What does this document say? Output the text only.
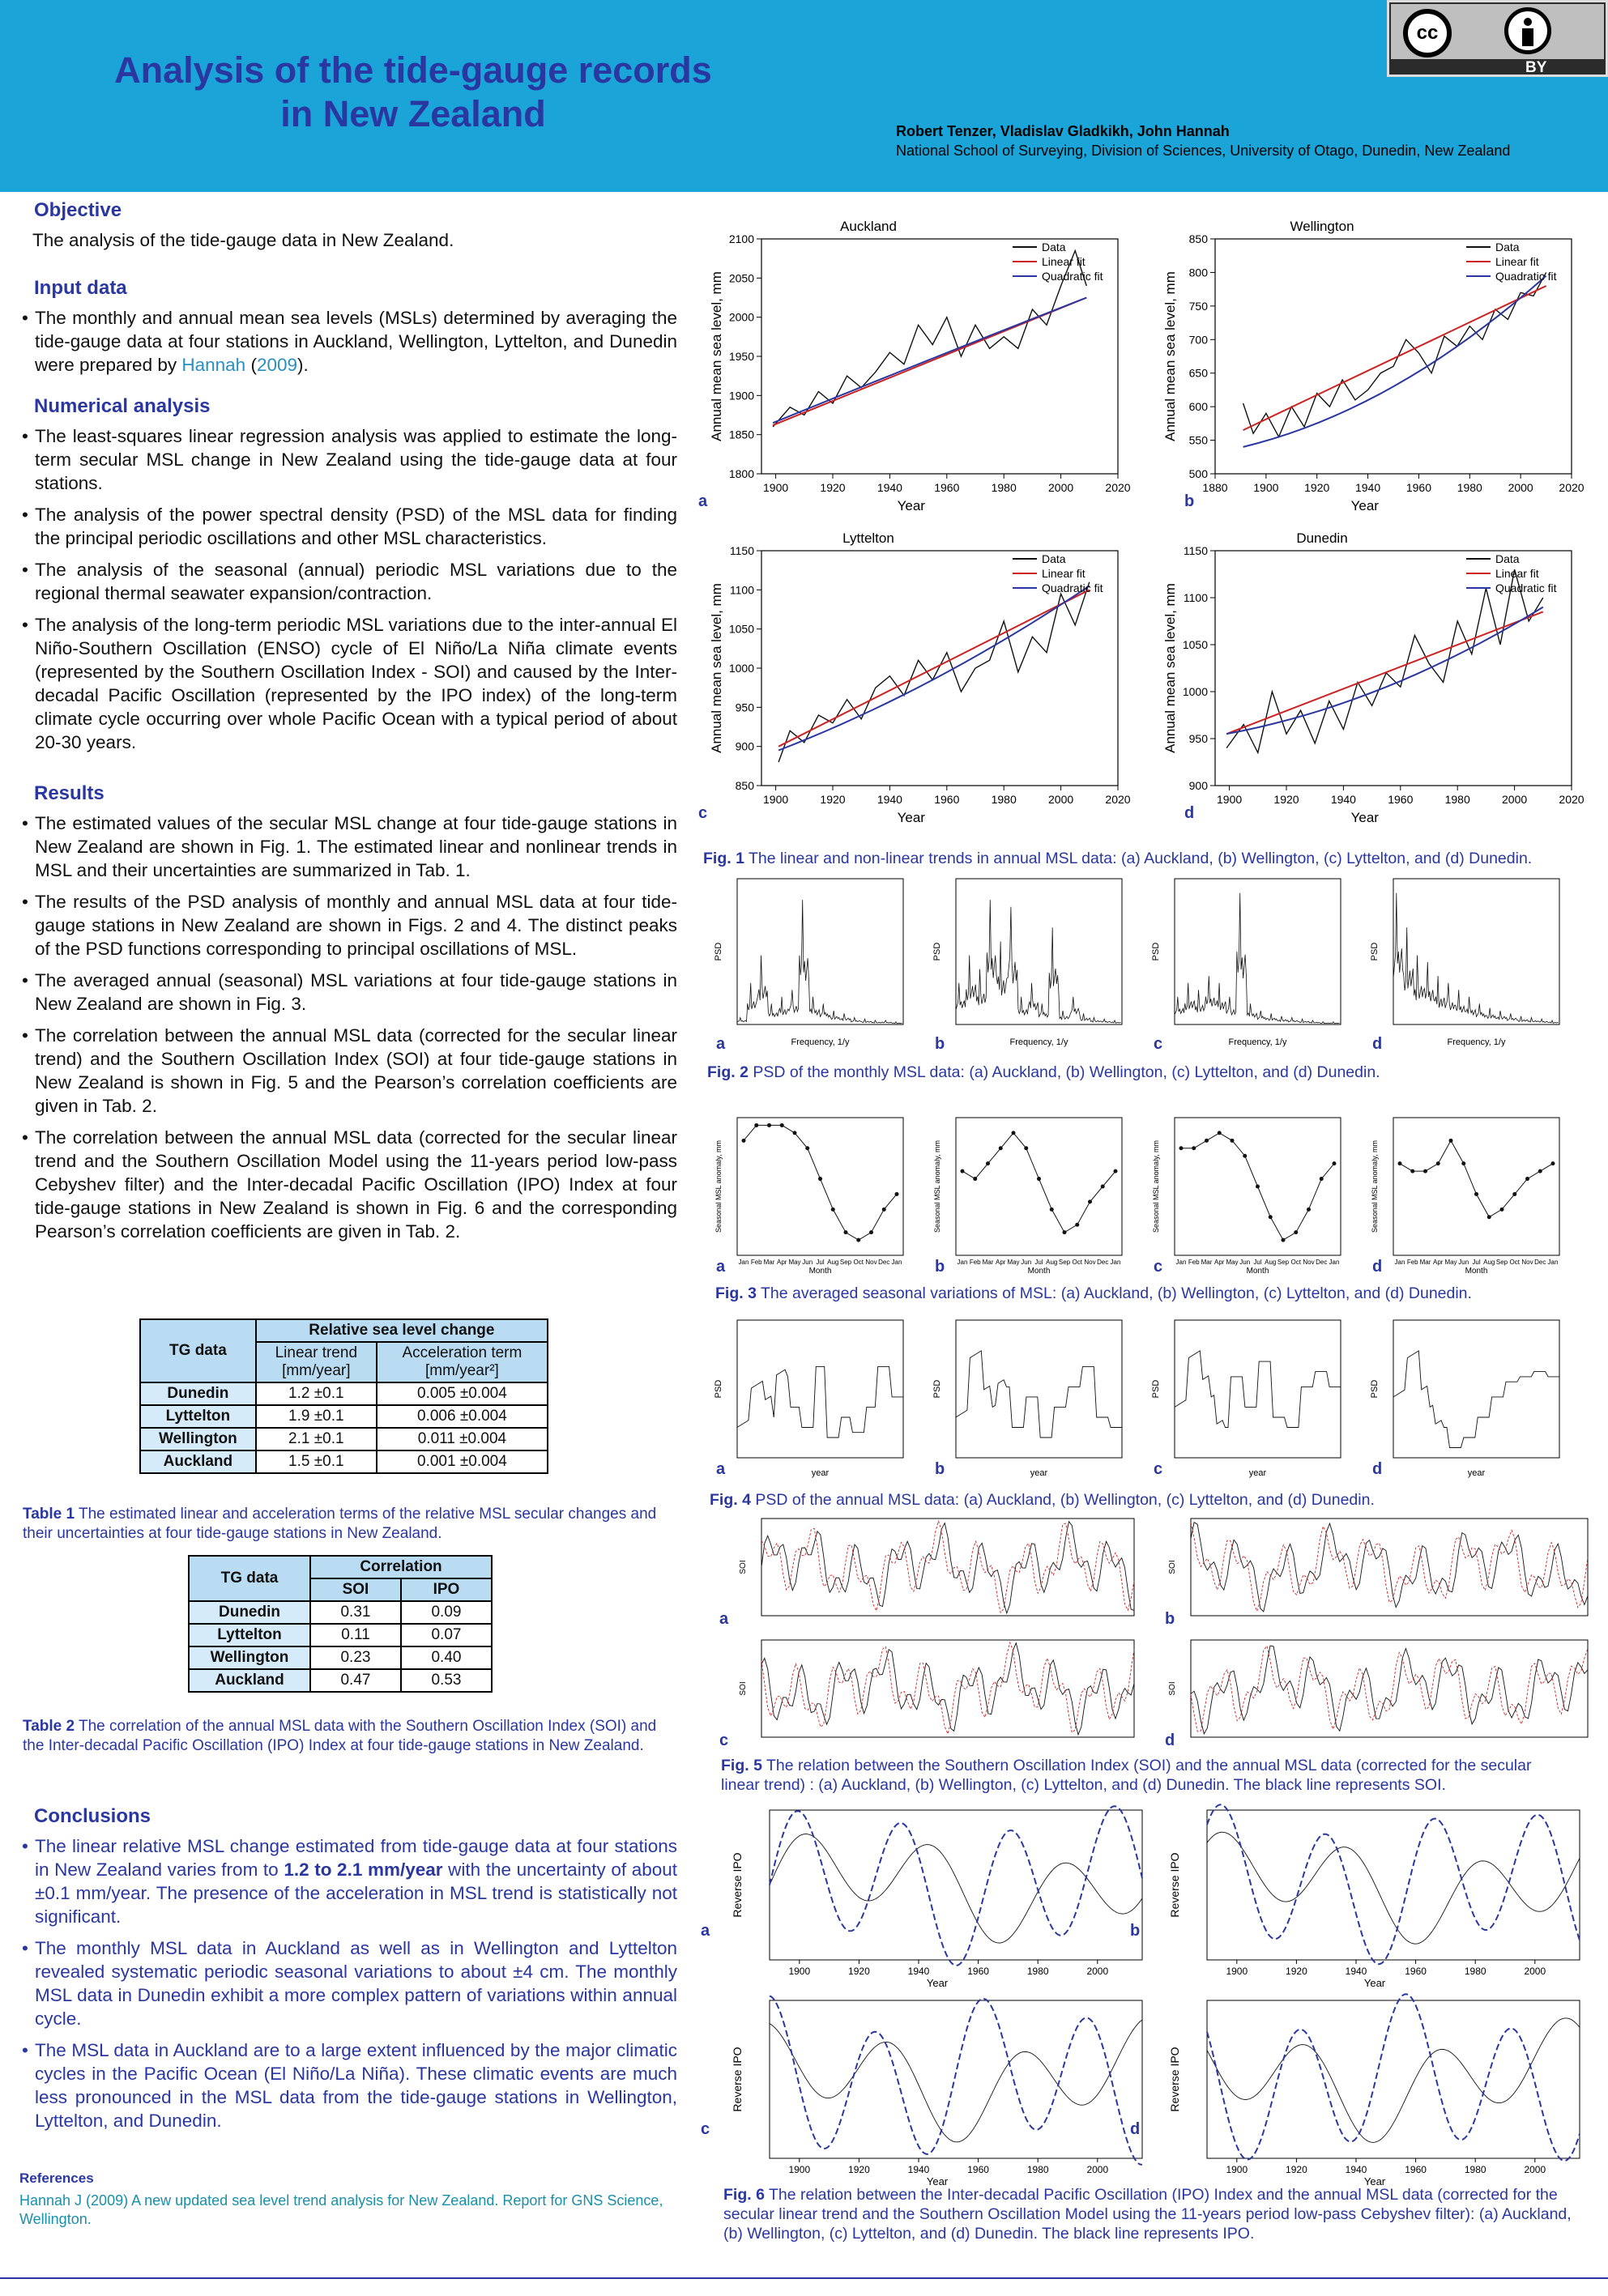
Analysis of the tide-gauge records
in New Zealand	Robert Tenzer, Vladislav Gladkikh, John Hannah
National School of Surveying, Division of Sciences, University of Otago, Dunedin, New Zealand
cc
BY
Objective
The analysis of the tide-gauge data in New Zealand.
Input data
• The monthly and annual mean sea levels (MSLs) determined by averaging the tide-gauge data at four stations in Auckland, Wellington, Lyttelton, and Dunedin were prepared by Hannah (2009).
Numerical analysis
• The least-squares linear regression analysis was applied to estimate the long-term secular MSL change in New Zealand using the tide-gauge data at four stations.
• The analysis of the power spectral density (PSD) of the MSL data for finding the principal periodic oscillations and other MSL characteristics.
• The analysis of the seasonal (annual) periodic MSL variations due to the regional thermal seawater expansion/contraction.
• The analysis of the long-term periodic MSL variations due to the inter-annual El Niño-Southern Oscillation (ENSO) cycle of El Niño/La Niña climate events (represented by the Southern Oscillation Index - SOI) and caused by the Inter-decadal Pacific Oscillation (represented by the IPO index) of the long-term climate cycle occurring over whole Pacific Ocean with a typical period of about 20-30 years.
Results
• The estimated values of the secular MSL change at four tide-gauge stations in New Zealand are shown in Fig. 1. The estimated linear and nonlinear trends in MSL and their uncertainties are summarized in Tab. 1.
• The results of the PSD analysis of monthly and annual MSL data at four tide-gauge stations in New Zealand are shown in Figs. 2 and 4. The distinct peaks of the PSD functions corresponding to principal oscillations of MSL.
• The averaged annual (seasonal) MSL variations at four tide-gauge stations in New Zealand are shown in Fig. 3.
• The correlation between the annual MSL data (corrected for the secular linear trend) and the Southern Oscillation Index (SOI) at four tide-gauge stations in New Zealand is shown in Fig. 5 and the Pearson’s correlation coefficients are given in Tab. 2.
• The correlation between the annual MSL data (corrected for the secular linear trend and the Southern Oscillation Model using the 11-years period low-pass Cebyshev filter) and the Inter-decadal Pacific Oscillation (IPO) Index at four tide-gauge stations in New Zealand is shown in Fig. 6 and the corresponding Pearson’s correlation coefficients are given in Tab. 2.
TG data	Relative sea level change	
	Linear trend
[mm/year]	Acceleration term
[mm/year²]
Dunedin	1.2 ±0.1	0.005 ±0.004
Lyttelton	1.9 ±0.1	0.006 ±0.004
Wellington	2.1 ±0.1	0.011 ±0.004
Auckland	1.5 ±0.1	0.001 ±0.004
Table 1 The estimated linear and acceleration terms of the relative MSL secular changes and their uncertainties at four tide-gauge stations in New Zealand.
TG data	Correlation	
	SOI	IPO
Dunedin	0.31	0.09
Lyttelton	0.11	0.07
Wellington	0.23	0.40
Auckland	0.47	0.53
Table 2 The correlation of the annual MSL data with the Southern Oscillation Index (SOI) and the Inter-decadal Pacific Oscillation (IPO) Index at four tide-gauge stations in New Zealand.
Conclusions
• The linear relative MSL change estimated from tide-gauge data at four stations in New Zealand varies from to 1.2 to 2.1 mm/year with the uncertainty of about ±0.1 mm/year. The presence of the acceleration in MSL trend is statistically not significant.
• The monthly MSL data in Auckland as well as in Wellington and Lyttelton revealed systematic periodic seasonal variations to about ±4 cm. The monthly MSL data in Dunedin exhibit a more complex pattern of variations within annual cycle.
• The MSL data in Auckland are to a large extent influenced by the major climatic cycles in the Pacific Ocean (El Niño/La Niña). These climatic events are much less pronounced in the MSL data from the tide-gauge stations in Wellington, Lyttelton, and Dunedin.
References
Hannah J (2009) A new updated sea level trend analysis for New Zealand. Report for GNS Science, Wellington.
Auckland
1900	1920	1940	1960	1980	2000	2020
1800
1850
1900
1950
2000
2050
2100
Year
Annual mean sea level, mm
Data
Linear fit
Quadratic fit
a
Wellington
1880 1900 1920 1940 1960 1980 2000 2020
500
550
600
650
700
750
800
850
Year
Annual mean sea level, mm
Data
Linear fit
Quadratic fit
b
Lyttelton
1900	1920	1940	1960	1980	2000	2020
850
900
950
1000
1050
1100
1150
Year
Annual mean sea level, mm
Data
Linear fit
Quadratic fit
c
Dunedin
1900	1920	1940	1960	1980	2000	2020
900
950
1000
1050
1100
1150
Year
Annual mean sea level, mm
Data
Linear fit
Quadratic fit
d
Fig. 1 The linear and non-linear trends in annual MSL data: (a) Auckland, (b) Wellington, (c) Lyttelton, and (d) Dunedin.
Frequency, 1/y
PSD
a	Frequency, 1/y
PSD
b	Frequency, 1/y
PSD
c	Frequency, 1/y
PSD
d
Fig. 2 PSD of the monthly MSL data: (a) Auckland, (b) Wellington, (c) Lyttelton, and (d) Dunedin.
Jan Feb Mar Apr May Jun Jul Aug Sep Oct Nov Dec Jan
Month
Seasonal MSL anomaly, mm
a	Jan Feb Mar Apr May Jun Jul Aug Sep Oct Nov Dec Jan
Month
Seasonal MSL anomaly, mm
b	Jan Feb Mar Apr May Jun Jul Aug Sep Oct Nov Dec Jan
Month
Seasonal MSL anomaly, mm
c	Jan Feb Mar Apr May Jun Jul Aug Sep Oct Nov Dec Jan
Month
Seasonal MSL anomaly, mm
d
Fig. 3 The averaged seasonal variations of MSL: (a) Auckland, (b) Wellington, (c) Lyttelton, and (d) Dunedin.
year
PSD
a	year
PSD
b	year
PSD
c	year
PSD
d
Fig. 4 PSD of the annual MSL data: (a) Auckland, (b) Wellington, (c) Lyttelton, and (d) Dunedin.
SOI
a
SOI
b
SOI
c
SOI
d
Fig. 5 The relation between the Southern Oscillation Index (SOI) and the annual MSL data (corrected for the secular linear trend) : (a) Auckland, (b) Wellington, (c) Lyttelton, and (d) Dunedin. The black line represents SOI.
1900	1920	1940	1960	1980	2000
Year
Reverse IPO
a
1900	1920	1940	1960	1980	2000
Year
Reverse IPO
b
1900	1920	1940	1960	1980	2000
Year
Reverse IPO
c
1900	1920	1940	1960	1980	2000
Year
Reverse IPO
d
Fig. 6 The relation between the Inter-decadal Pacific Oscillation (IPO) Index and the annual MSL data (corrected for the secular linear trend and the Southern Oscillation Model using the 11-years period low-pass Cebyshev filter): (a) Auckland, (b) Wellington, (c) Lyttelton, and (d) Dunedin. The black line represents IPO.
